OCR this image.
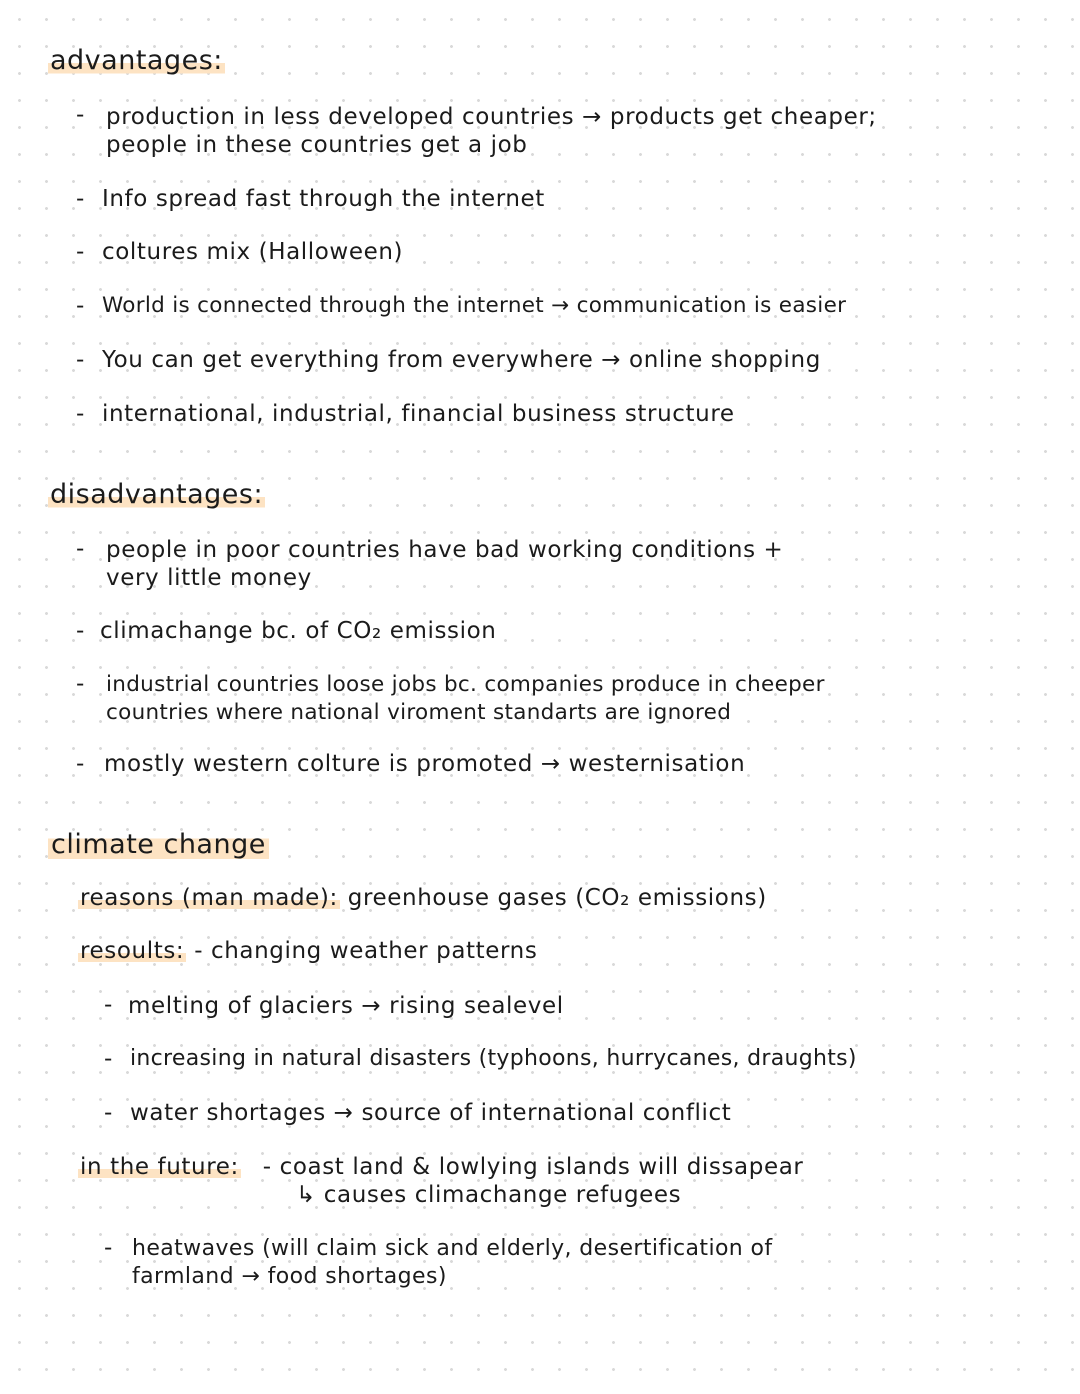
advantages:
- production in less developed countries → products get cheaper;
people in these countries get a job
- Info spread fast through the internet
- coltures mix (Halloween)
- World is connected through the internet → communication is easier
- You can get everything from everywhere → online shopping
- international, industrial, financial business structure
disadvantages:
- people in poor countries have bad working conditions +
very little money
- climachange bc. of CO₂ emission
- industrial countries loose jobs bc. companies produce in cheeper
countries where national viroment standarts are ignored
- mostly western colture is promoted → westernisation
climate change
reasons (man made): greenhouse gases (CO₂ emissions)
resoults: - changing weather patterns
- melting of glaciers → rising sealevel
- increasing in natural disasters (typhoons, hurrycanes, draughts)
- water shortages → source of international conflict
in the future: - coast land & lowlying islands will dissapear
↳ causes climachange refugees
- heatwaves (will claim sick and elderly, desertification of
farmland → food shortages)
